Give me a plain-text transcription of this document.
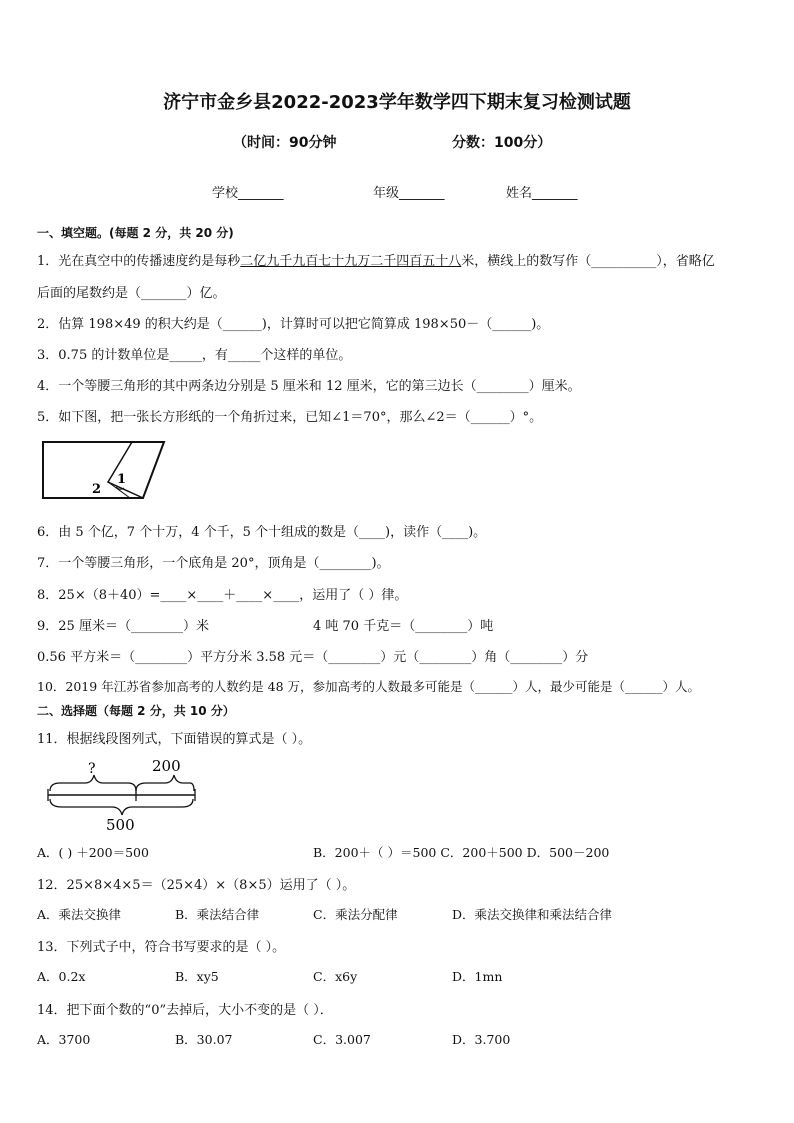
济宁市金乡县2022-2023学年数学四下期末复习检测试题
（时间：90分钟	分数：100分）
学校_______	年级_______	姓名_______
一、填空题。(每题 2 分，共 20 分)
1．光在真空中的传播速度约是每秒二亿九千九百七十九万二千四百五十八米，横线上的数写作（__________），省略亿
后面的尾数约是（_______）亿。
2．估算 198×49 的积大约是（______)，计算时可以把它简算成 198×50－（______)。
3．0.75 的计数单位是_____，有_____个这样的单位。
4．一个等腰三角形的其中两条边分别是 5 厘米和 12 厘米，它的第三边长（________）厘米。
5．如下图，把一张长方形纸的一个角折过来，已知∠1＝70°，那么∠2＝（______）°。
1
2
6．由 5 个亿，7 个十万，4 个千，5 个十组成的数是（____)，读作（____)。
7．一个等腰三角形，一个底角是 20°，顶角是（________)。
8．25×（8＋40）=____×____＋____×____，运用了（ ）律。
9．25 厘米＝（________）米	4 吨 70 千克＝（________）吨
0.56 平方米＝（________）平方分米 3.58 元＝（________）元（________）角（________）分
10．2019 年江苏省参加高考的人数约是 48 万，参加高考的人数最多可能是（______）人，最少可能是（______）人。
二、选择题（每题 2 分，共 10 分）
11．根据线段图列式，下面错误的算式是（ ）。
?	200
500
A．( ) ＋200＝500	B．200＋（ ）＝500 C．200＋500 D．500－200
12．25×8×4×5＝（25×4）×（8×5）运用了（ ）。
A．乘法交换律	B．乘法结合律	C．乘法分配律	D．乘法交换律和乘法结合律
13．下列式子中，符合书写要求的是（ ）。
A．0.2x	B．xy5	C．x6y	D．1mn
14．把下面个数的“0”去掉后，大小不变的是（ ）．
A．3700	B．30.07	C．3.007	D．3.700
